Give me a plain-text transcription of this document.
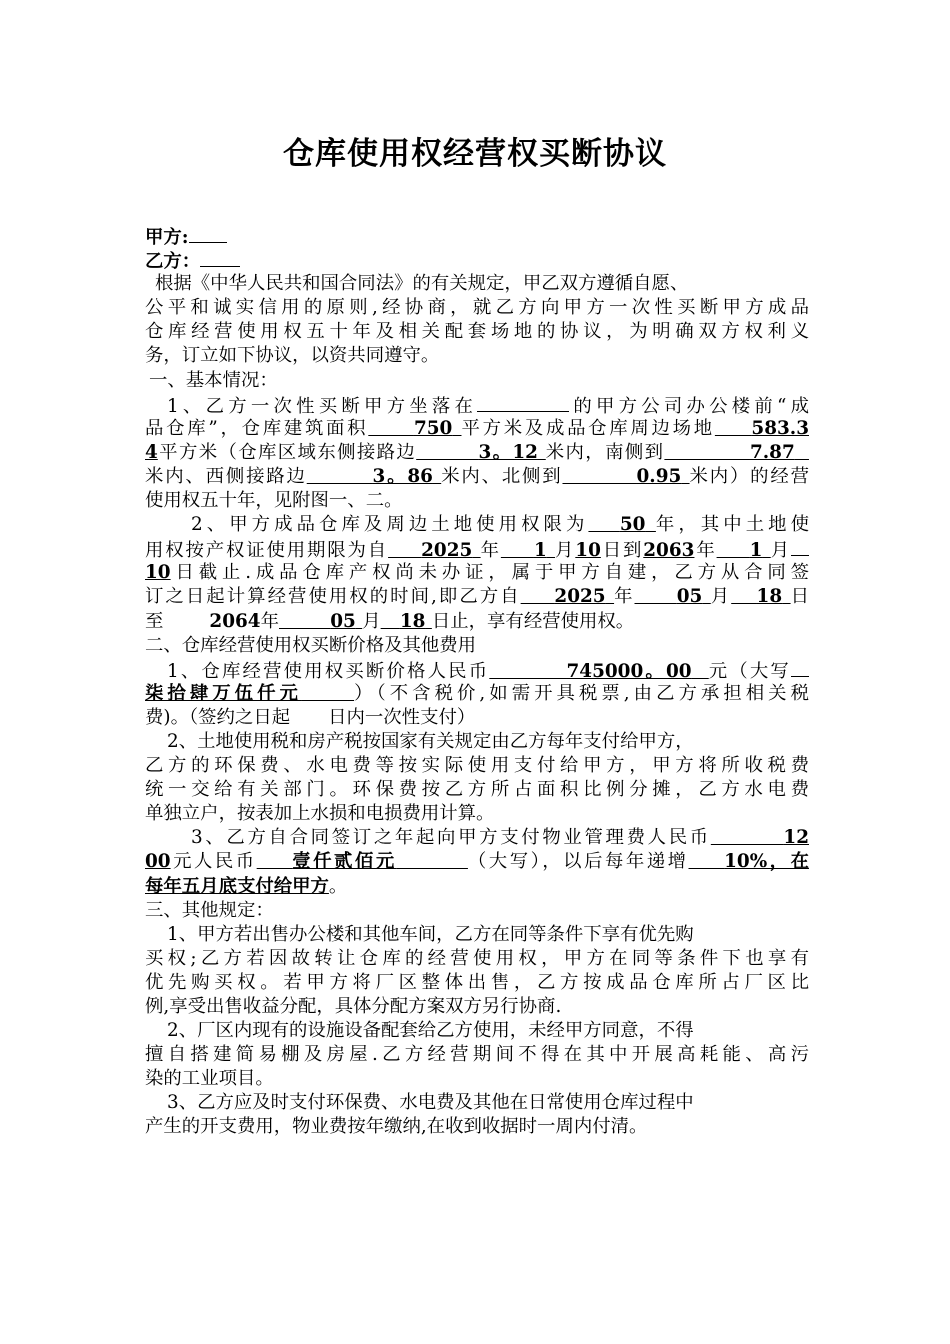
仓库使用权经营权买断协议
甲方:
乙方：
根据《中华人民共和国合同法》的有关规定，甲乙双方遵循自愿、
公平和诚实信用的原则,经协商，就乙方向甲方一次性买断甲方成品
仓库经营使用权五十年及相关配套场地的协议，为明确双方权利义
务，订立如下协议，以资共同遵守。
一、基本情况：
1、乙方一次性买断甲方坐落在	的甲方公司办公楼前“成
品仓库”，仓库建筑面积 750 平方米及成品仓库周边场地 583.3
4平方米（仓库区域东侧接路边	3。12 米内，南侧到	7.87
米内、西侧接路边	3。86 米内、北侧到	0.95 米内）的经营
使用权五十年，见附图一、二。
2、甲方成品仓库及周边土地使用权限为 50 年，其中土地使
用权按产权证使用期限为自 2025 年 1 月10日到2063年 1 月
10日截止.成品仓库产权尚未办证，属于甲方自建，乙方从合同签
订之日起计算经营使用权的时间,即乙方自 2025 年 05 月 18 日
至	2064年	05 月 18 日止，享有经营使用权。
二、仓库经营使用权买断价格及其他费用
1、仓库经营使用权买断价格人民币	745000。00 元（大写
柒拾肆万伍仟元	）（不含税价,如需开具税票,由乙方承担相关税
费)。（签约之日起 日内一次性支付）
2、土地使用税和房产税按国家有关规定由乙方每年支付给甲方，
乙方的环保费、水电费等按实际使用支付给甲方，甲方将所收税费
统一交给有关部门。环保费按乙方所占面积比例分摊，乙方水电费
单独立户，按表加上水损和电损费用计算。
3、乙方自合同签订之年起向甲方支付物业管理费人民币	12
00元人民币 壹仟贰佰元	（大写），以后每年递增 10%，在
每年五月底支付给甲方。
三、其他规定：
1、甲方若出售办公楼和其他车间，乙方在同等条件下享有优先购
买权;乙方若因故转让仓库的经营使用权，甲方在同等条件下也享有
优先购买权。若甲方将厂区整体出售，乙方按成品仓库所占厂区比
例,享受出售收益分配，具体分配方案双方另行协商.
2、厂区内现有的设施设备配套给乙方使用，未经甲方同意，不得
擅自搭建简易棚及房屋.乙方经营期间不得在其中开展高耗能、高污
染的工业项目。
3、乙方应及时支付环保费、水电费及其他在日常使用仓库过程中
产生的开支费用，物业费按年缴纳,在收到收据时一周内付清。
